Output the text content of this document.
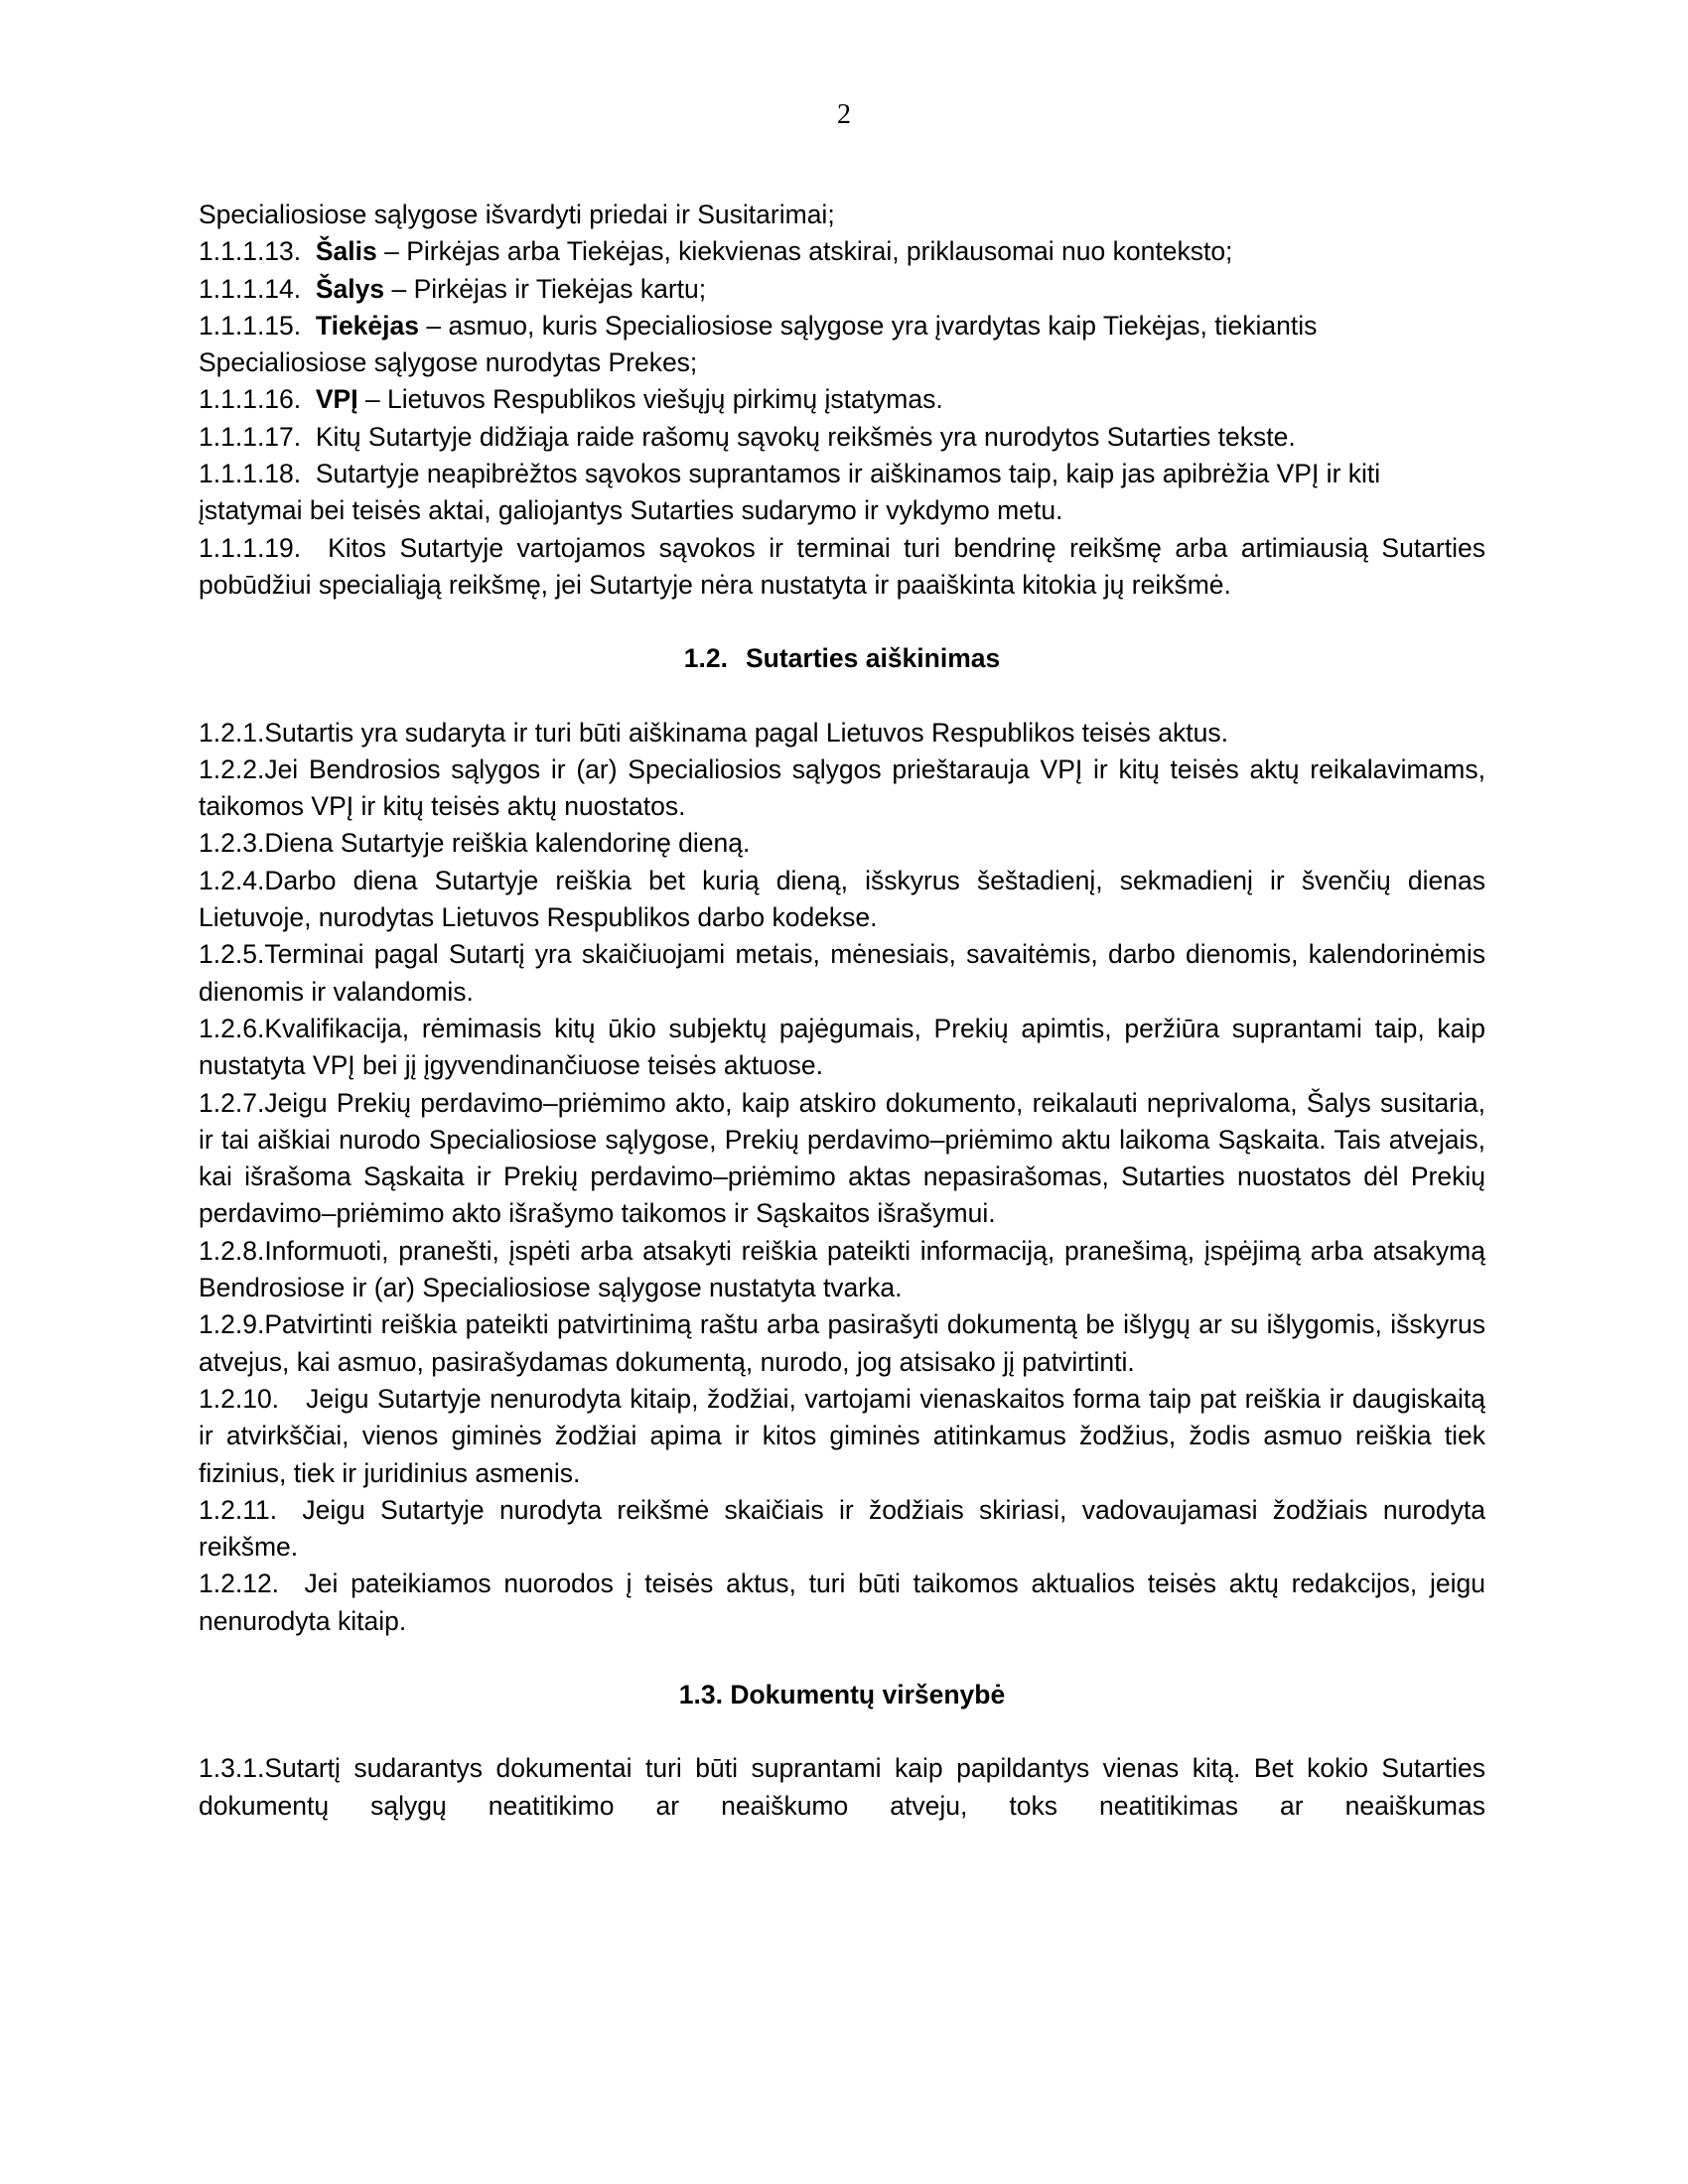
2

Specialiosiose sąlygose išvardyti priedai ir Susitarimai;

1.1.1.13. Šalis – Pirkėjas arba Tiekėjas, kiekvienas atskirai, priklausomai nuo konteksto;

1.1.1.14. Šalys – Pirkėjas ir Tiekėjas kartu;

1.1.1.15. Tiekėjas – asmuo, kuris Specialiosiose sąlygose yra įvardytas kaip Tiekėjas, tiekiantis Specialiosiose sąlygose nurodytas Prekes;

1.1.1.16. VPĮ – Lietuvos Respublikos viešųjų pirkimų įstatymas.

1.1.1.17. Kitų Sutartyje didžiąja raide rašomų sąvokų reikšmės yra nurodytos Sutarties tekste.

1.1.1.18. Sutartyje neapibrėžtos sąvokos suprantamos ir aiškinamos taip, kaip jas apibrėžia VPĮ ir kiti įstatymai bei teisės aktai, galiojantys Sutarties sudarymo ir vykdymo metu.

1.1.1.19. Kitos Sutartyje vartojamos sąvokos ir terminai turi bendrinę reikšmę arba artimiausią Sutarties pobūdžiui specialiąją reikšmę, jei Sutartyje nėra nustatyta ir paaiškinta kitokia jų reikšmė.

1.2. Sutarties aiškinimas

1.2.1.Sutartis yra sudaryta ir turi būti aiškinama pagal Lietuvos Respublikos teisės aktus.

1.2.2.Jei Bendrosios sąlygos ir (ar) Specialiosios sąlygos prieštarauja VPĮ ir kitų teisės aktų reikalavimams, taikomos VPĮ ir kitų teisės aktų nuostatos.

1.2.3.Diena Sutartyje reiškia kalendorinę dieną.

1.2.4.Darbo diena Sutartyje reiškia bet kurią dieną, išskyrus šeštadienį, sekmadienį ir švenčių dienas Lietuvoje, nurodytas Lietuvos Respublikos darbo kodekse.

1.2.5.Terminai pagal Sutartį yra skaičiuojami metais, mėnesiais, savaitėmis, darbo dienomis, kalendorinėmis dienomis ir valandomis.

1.2.6.Kvalifikacija, rėmimasis kitų ūkio subjektų pajėgumais, Prekių apimtis, peržiūra suprantami taip, kaip nustatyta VPĮ bei jį įgyvendinančiuose teisės aktuose.

1.2.7.Jeigu Prekių perdavimo–priėmimo akto, kaip atskiro dokumento, reikalauti neprivaloma, Šalys susitaria, ir tai aiškiai nurodo Specialiosiose sąlygose, Prekių perdavimo–priėmimo aktu laikoma Sąskaita. Tais atvejais, kai išrašoma Sąskaita ir Prekių perdavimo–priėmimo aktas nepasirašomas, Sutarties nuostatos dėl Prekių perdavimo–priėmimo akto išrašymo taikomos ir Sąskaitos išrašymui.

1.2.8.Informuoti, pranešti, įspėti arba atsakyti reiškia pateikti informaciją, pranešimą, įspėjimą arba atsakymą Bendrosiose ir (ar) Specialiosiose sąlygose nustatyta tvarka.

1.2.9.Patvirtinti reiškia pateikti patvirtinimą raštu arba pasirašyti dokumentą be išlygų ar su išlygomis, išskyrus atvejus, kai asmuo, pasirašydamas dokumentą, nurodo, jog atsisako jį patvirtinti.

1.2.10. Jeigu Sutartyje nenurodyta kitaip, žodžiai, vartojami vienaskaitos forma taip pat reiškia ir daugiskaitą ir atvirkščiai, vienos giminės žodžiai apima ir kitos giminės atitinkamus žodžius, žodis asmuo reiškia tiek fizinius, tiek ir juridinius asmenis.

1.2.11. Jeigu Sutartyje nurodyta reikšmė skaičiais ir žodžiais skiriasi, vadovaujamasi žodžiais nurodyta reikšme.

1.2.12. Jei pateikiamos nuorodos į teisės aktus, turi būti taikomos aktualios teisės aktų redakcijos, jeigu nenurodyta kitaip.

1.3. Dokumentų viršenybė

1.3.1.Sutartį sudarantys dokumentai turi būti suprantami kaip papildantys vienas kitą. Bet kokio Sutarties dokumentų sąlygų neatitikimo ar neaiškumo atveju, toks neatitikimas ar neaiškumas
